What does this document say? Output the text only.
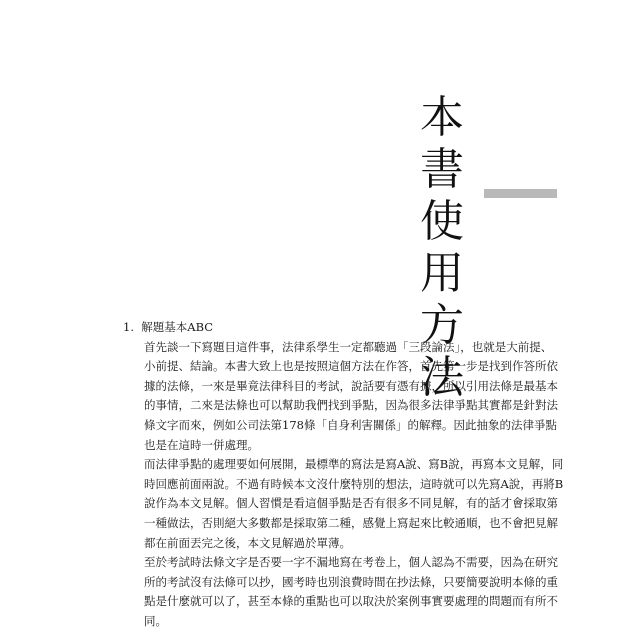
本
書
使
用
方
法
1. 解題基本ABC
首先談一下寫題目這件事，法律系學生一定都聽過「三段論法」，也就是大前提、
小前提、結論。本書大致上也是按照這個方法在作答，首先第一步是找到作答所依
據的法條，一來是畢竟法律科目的考試，說話要有憑有據，所以引用法條是最基本
的事情，二來是法條也可以幫助我們找到爭點，因為很多法律爭點其實都是針對法
條文字而來，例如公司法第178條「自身利害關係」的解釋。因此抽象的法律爭點
也是在這時一併處理。
而法律爭點的處理要如何展開，最標準的寫法是寫A說、寫B說，再寫本文見解，同
時回應前面兩說。不過有時候本文沒什麼特別的想法，這時就可以先寫A說，再將B
說作為本文見解。個人習慣是看這個爭點是否有很多不同見解，有的話才會採取第
一種做法，否則絕大多數都是採取第二種，感覺上寫起來比較通順，也不會把見解
都在前面丟完之後，本文見解過於單薄。
至於考試時法條文字是否要一字不漏地寫在考卷上，個人認為不需要，因為在研究
所的考試沒有法條可以抄，國考時也別浪費時間在抄法條，只要簡要說明本條的重
點是什麼就可以了，甚至本條的重點也可以取決於案例事實要處理的問題而有所不
同。
